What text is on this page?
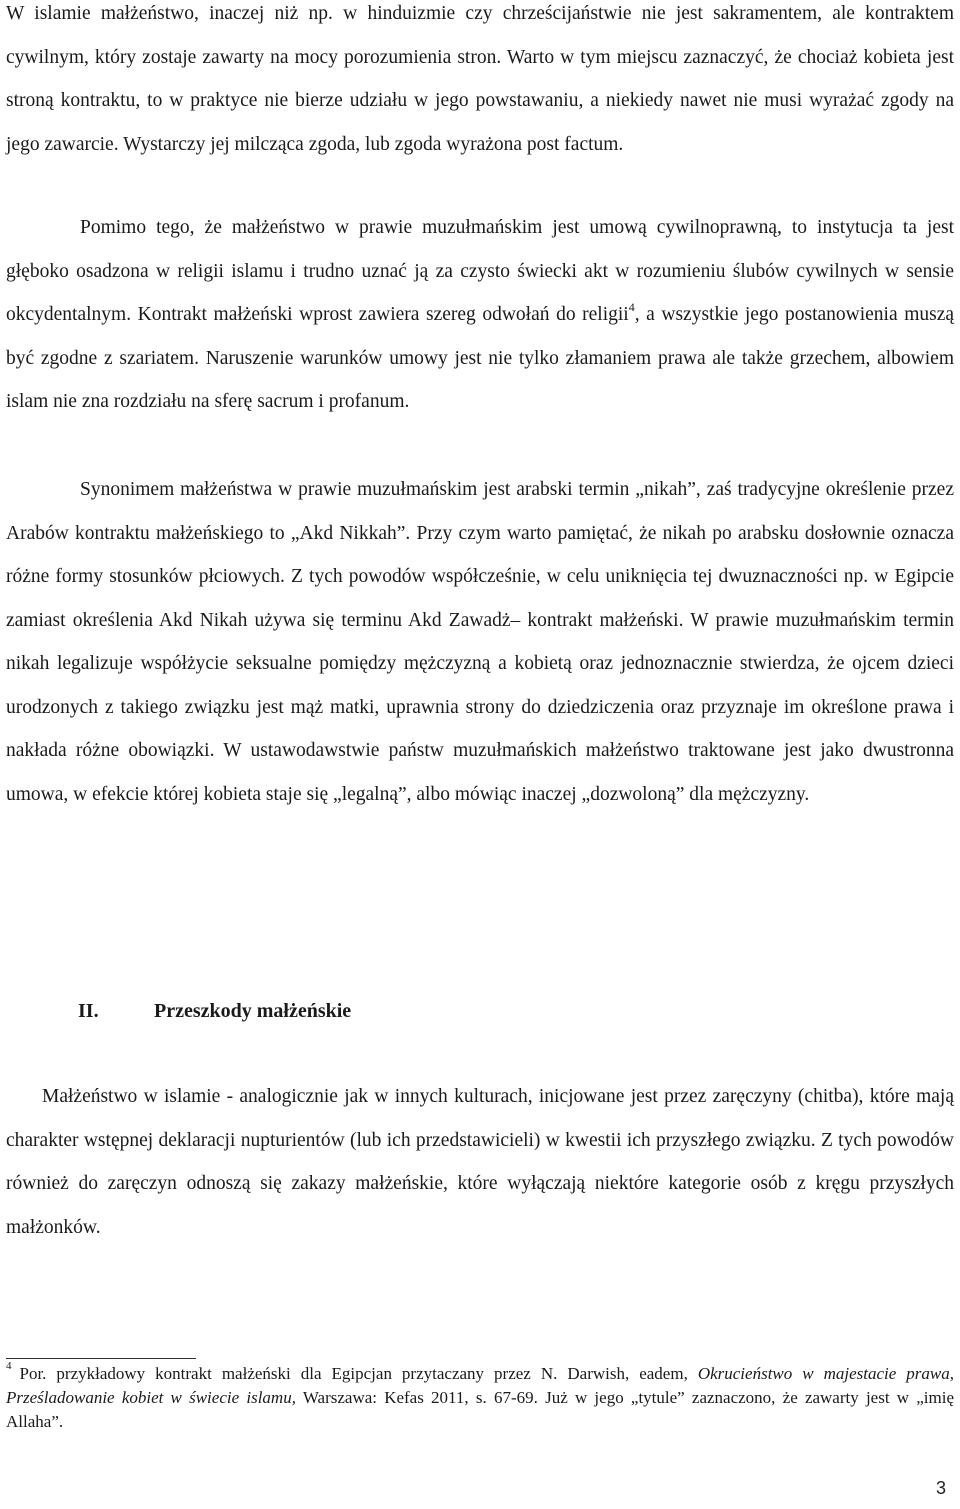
W islamie małżeństwo, inaczej niż np. w hinduizmie czy chrześcijaństwie nie jest sakramentem, ale kontraktem cywilnym, który zostaje zawarty na mocy porozumienia stron. Warto w tym miejscu zaznaczyć, że chociaż kobieta jest stroną kontraktu, to w praktyce nie bierze udziału w jego powstawaniu, a niekiedy nawet nie musi wyrażać zgody na jego zawarcie. Wystarczy jej milcząca zgoda, lub zgoda wyrażona post factum.

Pomimo tego, że małżeństwo w prawie muzułmańskim jest umową cywilnoprawną, to instytucja ta jest głęboko osadzona w religii islamu i trudno uznać ją za czysto świecki akt w rozumieniu ślubów cywilnych w sensie okcydentalnym. Kontrakt małżeński wprost zawiera szereg odwołań do religii$^4$, a wszystkie jego postanowienia muszą być zgodne z szariatem. Naruszenie warunków umowy jest nie tylko złamaniem prawa ale także grzechem, albowiem islam nie zna rozdziału na sferę sacrum i profanum.

Synonimem małżeństwa w prawie muzułmańskim jest arabski termin „nikah”, zaś tradycyjne określenie przez Arabów kontraktu małżeńskiego to „Akd Nikkah”. Przy czym warto pamiętać, że nikah po arabsku dosłownie oznacza różne formy stosunków płciowych. Z tych powodów współcześnie, w celu uniknięcia tej dwuznaczności np. w Egipcie zamiast określenia Akd Nikah używa się terminu Akd Zawadż– kontrakt małżeński. W prawie muzułmańskim termin nikah legalizuje współżycie seksualne pomiędzy mężczyzną a kobietą oraz jednoznacznie stwierdza, że ojcem dzieci urodzonych z takiego związku jest mąż matki, uprawnia strony do dziedziczenia oraz przyznaje im określone prawa i nakłada różne obowiązki. W ustawodawstwie państw muzułmańskich małżeństwo traktowane jest jako dwustronna umowa, w efekcie której kobieta staje się „legalną”, albo mówiąc inaczej „dozwoloną” dla mężczyzny.

II.	Przeszkody małżeńskie

Małżeństwo w islamie - analogicznie jak w innych kulturach, inicjowane jest przez zaręczyny (chitba), które mają charakter wstępnej deklaracji nupturientów (lub ich przedstawicieli) w kwestii ich przyszłego związku. Z tych powodów również do zaręczyn odnoszą się zakazy małżeńskie, które wyłączają niektóre kategorie osób z kręgu przyszłych małżonków.

$^4$ Por. przykładowy kontrakt małżeński dla Egipcjan przytaczany przez N. Darwish, eadem, Okrucieństwo w majestacie prawa, Prześladowanie kobiet w świecie islamu, Warszawa: Kefas 2011, s. 67-69. Już w jego „tytule” zaznaczono, że zawarty jest w „imię Allaha”.

3
